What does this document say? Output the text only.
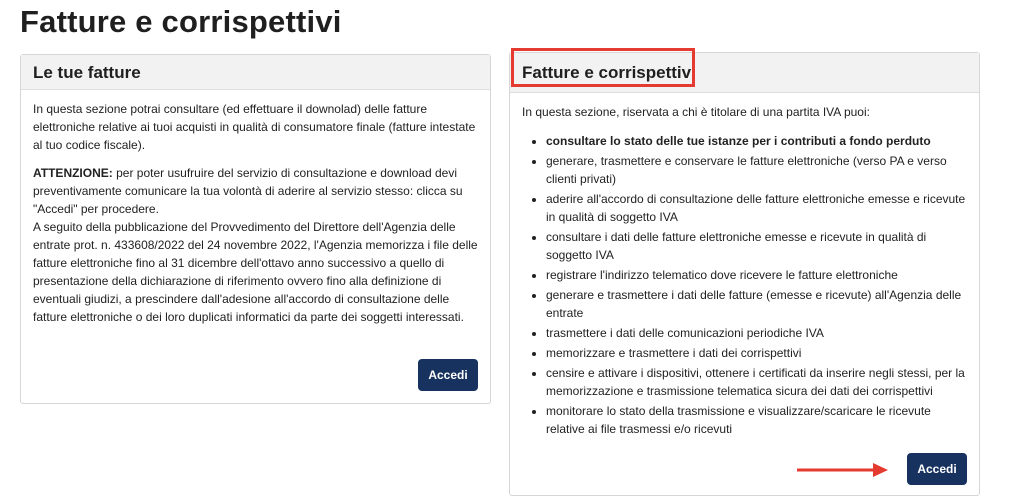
Fatture e corrispettivi
Le tue fatture

In questa sezione potrai consultare (ed effettuare il downolad) delle fatture elettroniche relative ai tuoi acquisti in qualità di consumatore finale (fatture intestate al tuo codice fiscale).

ATTENZIONE: per poter usufruire del servizio di consultazione e download devi preventivamente comunicare la tua volontà di aderire al servizio stesso: clicca su "Accedi" per procedere.

A seguito della pubblicazione del Provvedimento del Direttore dell'Agenzia delle entrate prot. n. 433608/2022 del 24 novembre 2022, l'Agenzia memorizza i file delle fatture elettroniche fino al 31 dicembre dell'ottavo anno successivo a quello di presentazione della dichiarazione di riferimento ovvero fino alla definizione di eventuali giudizi, a prescindere dall'adesione all'accordo di consultazione delle fatture elettroniche o dei loro duplicati informatici da parte dei soggetti interessati.

Accedi
Fatture e corrispettivi

In questa sezione, riservata a chi è titolare di una partita IVA puoi:

• consultare lo stato delle tue istanze per i contributi a fondo perduto
• generare, trasmettere e conservare le fatture elettroniche (verso PA e verso clienti privati)
• aderire all'accordo di consultazione delle fatture elettroniche emesse e ricevute in qualità di soggetto IVA
• consultare i dati delle fatture elettroniche emesse e ricevute in qualità di soggetto IVA
• registrare l'indirizzo telematico dove ricevere le fatture elettroniche
• generare e trasmettere i dati delle fatture (emesse e ricevute) all'Agenzia delle entrate
• trasmettere i dati delle comunicazioni periodiche IVA
• memorizzare e trasmettere i dati dei corrispettivi
• censire e attivare i dispositivi, ottenere i certificati da inserire negli stessi, per la memorizzazione e trasmissione telematica sicura dei dati dei corrispettivi
• monitorare lo stato della trasmissione e visualizzare/scaricare le ricevute relative ai file trasmessi e/o ricevuti
Accedi
